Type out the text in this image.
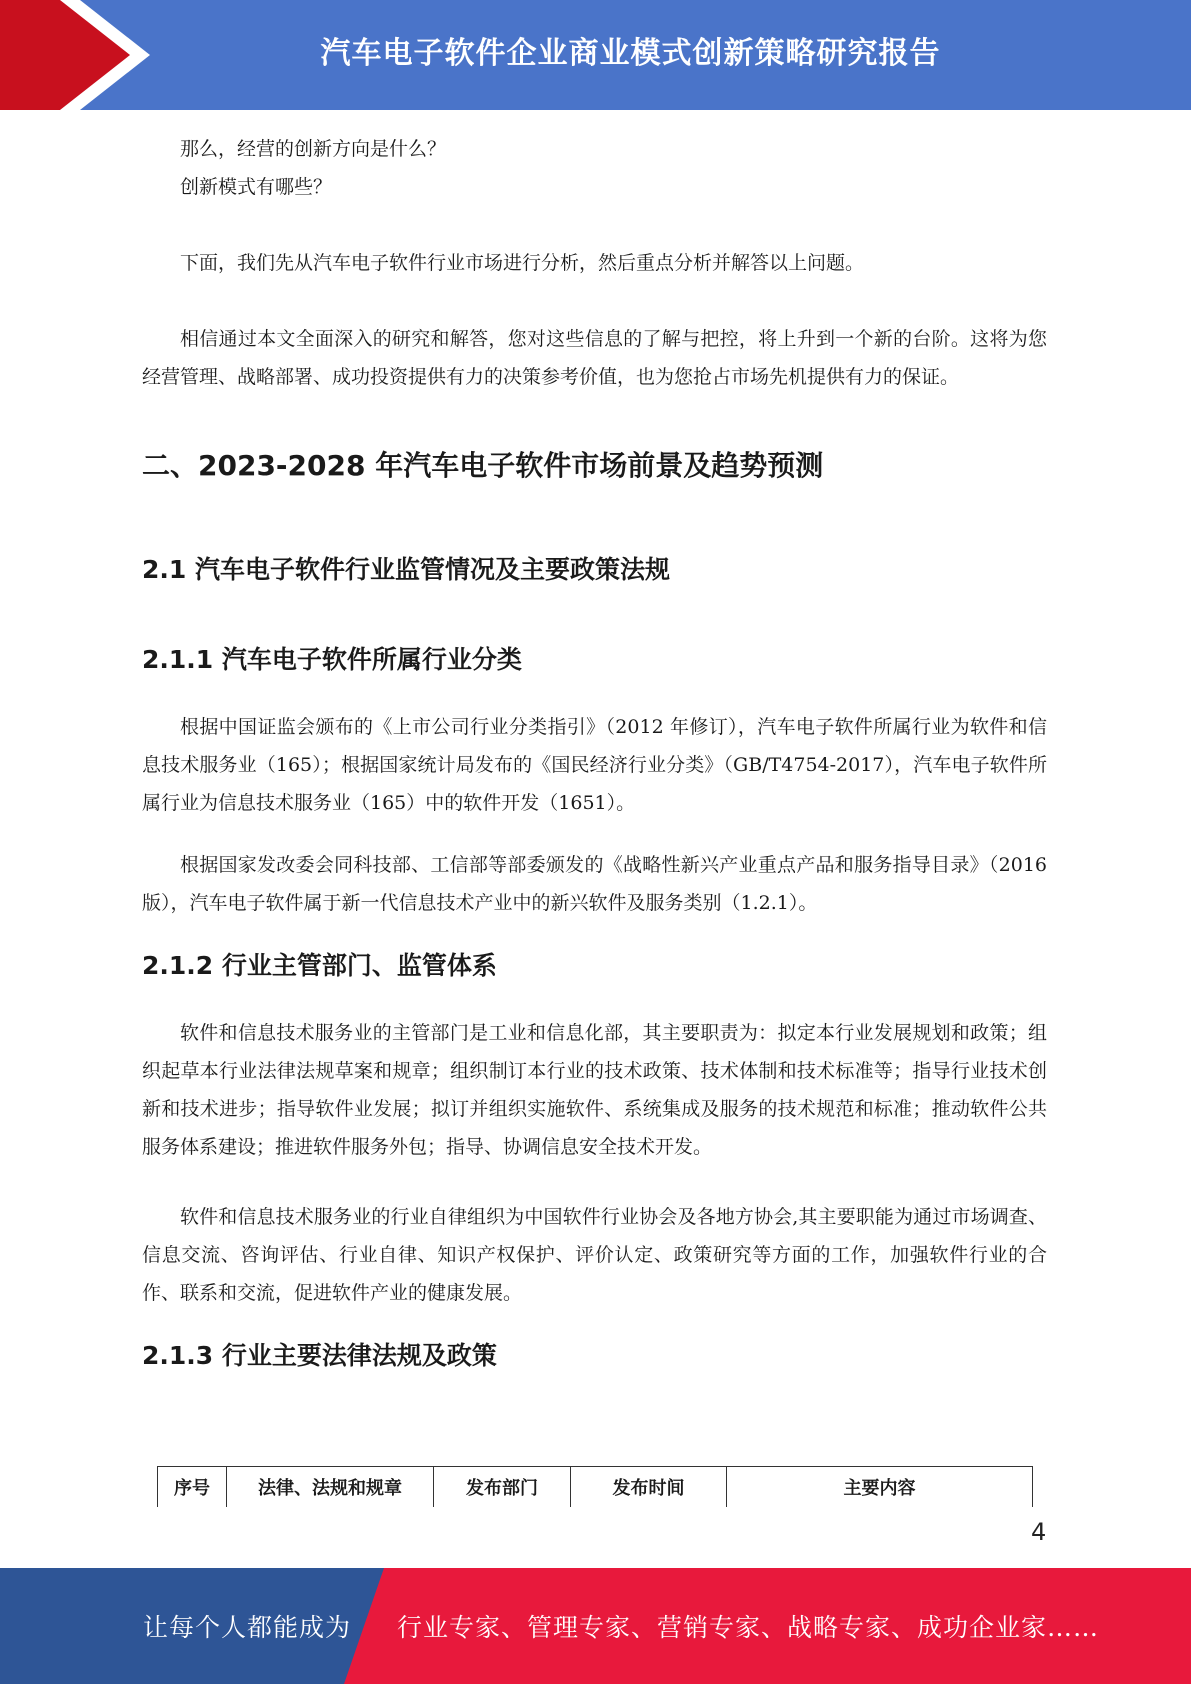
汽车电子软件企业商业模式创新策略研究报告

那么，经营的创新方向是什么？

创新模式有哪些？

下面，我们先从汽车电子软件行业市场进行分析，然后重点分析并解答以上问题。

相信通过本文全面深入的研究和解答，您对这些信息的了解与把控，将上升到一个新的台阶。这将为您经营管理、战略部署、成功投资提供有力的决策参考价值，也为您抢占市场先机提供有力的保证。

二、2023-2028 年汽车电子软件市场前景及趋势预测
2.1 汽车电子软件行业监管情况及主要政策法规
2.1.1 汽车电子软件所属行业分类

根据中国证监会颁布的《上市公司行业分类指引》（2012 年修订），汽车电子软件所属行业为软件和信息技术服务业（165）；根据国家统计局发布的《国民经济行业分类》（GB/T4754-2017），汽车电子软件所属行业为信息技术服务业（165）中的软件开发（1651）。

根据国家发改委会同科技部、工信部等部委颁发的《战略性新兴产业重点产品和服务指导目录》（2016 版），汽车电子软件属于新一代信息技术产业中的新兴软件及服务类别（1.2.1）。

2.1.2 行业主管部门、监管体系

软件和信息技术服务业的主管部门是工业和信息化部，其主要职责为：拟定本行业发展规划和政策；组织起草本行业法律法规草案和规章；组织制订本行业的技术政策、技术体制和技术标准等；指导行业技术创新和技术进步；指导软件业发展；拟订并组织实施软件、系统集成及服务的技术规范和标准；推动软件公共服务体系建设；推进软件服务外包；指导、协调信息安全技术开发。

软件和信息技术服务业的行业自律组织为中国软件行业协会及各地方协会,其主要职能为通过市场调查、信息交流、咨询评估、行业自律、知识产权保护、评价认定、政策研究等方面的工作，加强软件行业的合作、联系和交流，促进软件产业的健康发展。

2.1.3 行业主要法律法规及政策
序号	法律、法规和规章	发布部门	发布时间	主要内容
4
让每个人都能成为 行业专家、管理专家、营销专家、战略专家、成功企业家……
